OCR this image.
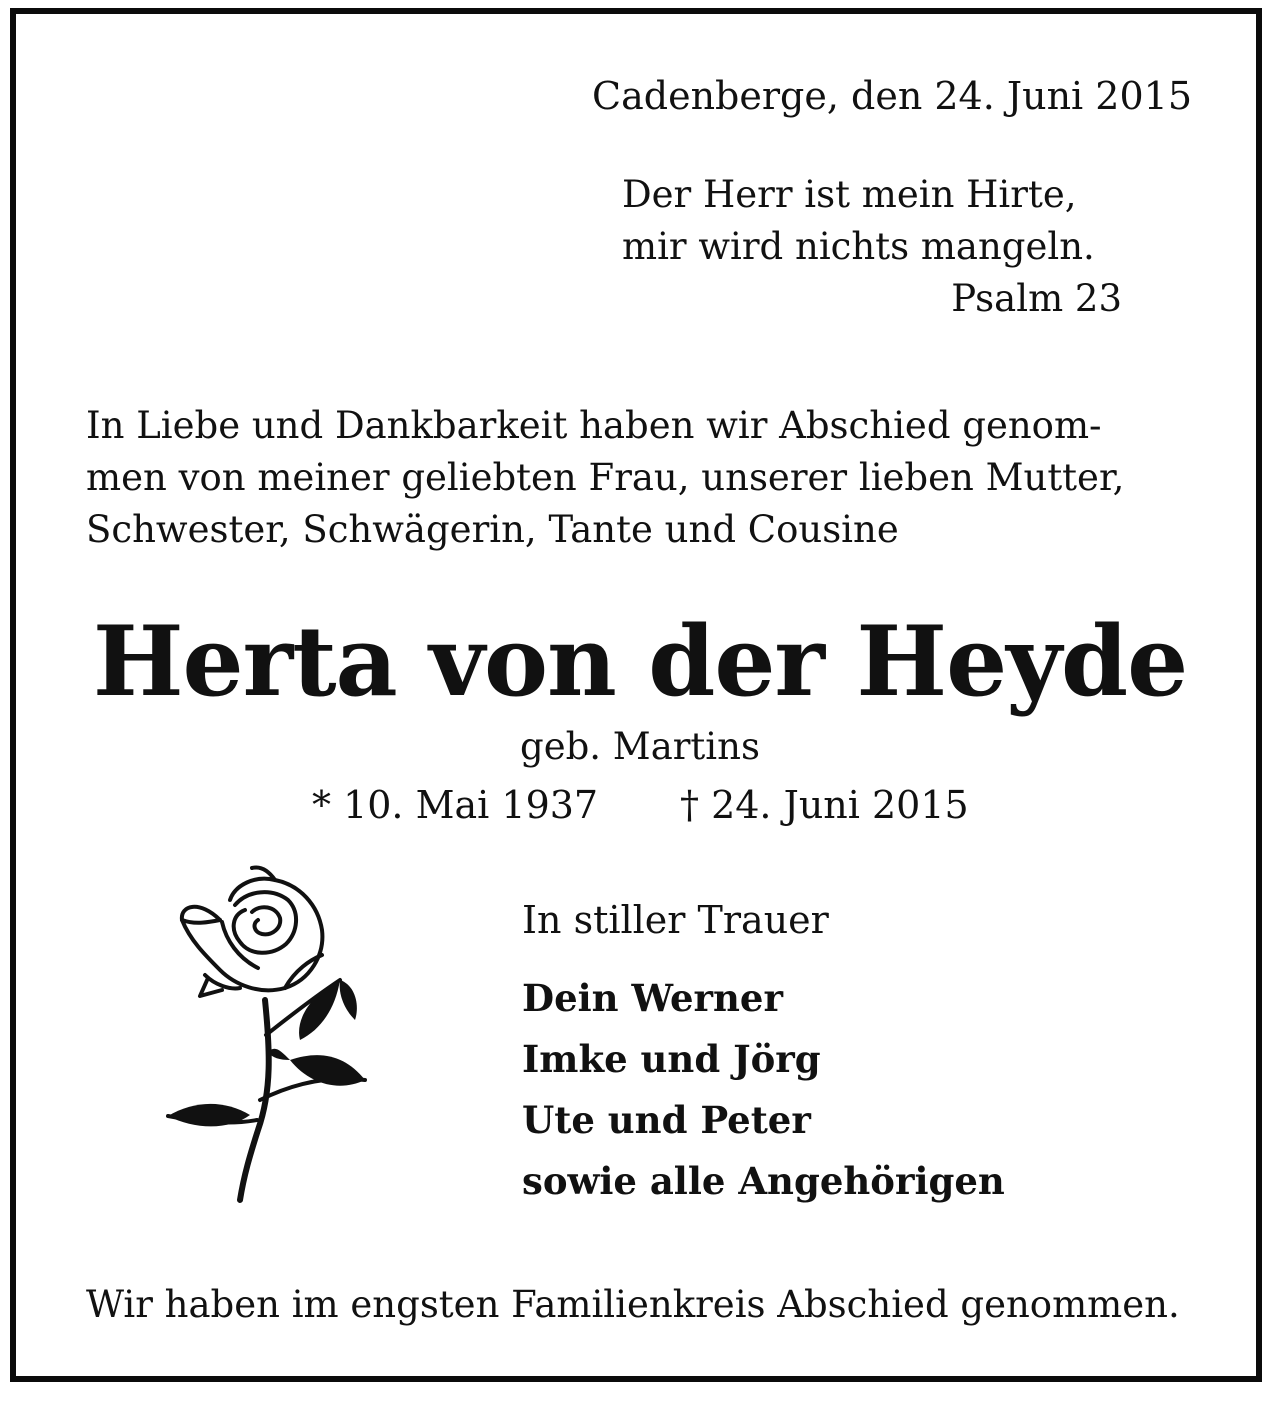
Cadenberge, den 24. Juni 2015

Der Herr ist mein Hirte,
mir wird nichts mangeln.
Psalm 23
In Liebe und Dankbarkeit haben wir Abschied genom-
men von meiner geliebten Frau, unserer lieben Mutter,
Schwester, Schwägerin, Tante und Cousine
Herta von der Heyde

geb. Martins

* 10. Mai 1937 † 24. Juni 2015

In stiller Trauer

Dein Werner
Imke und Jörg
Ute und Peter
sowie alle Angehörigen

Wir haben im engsten Familienkreis Abschied genommen.
